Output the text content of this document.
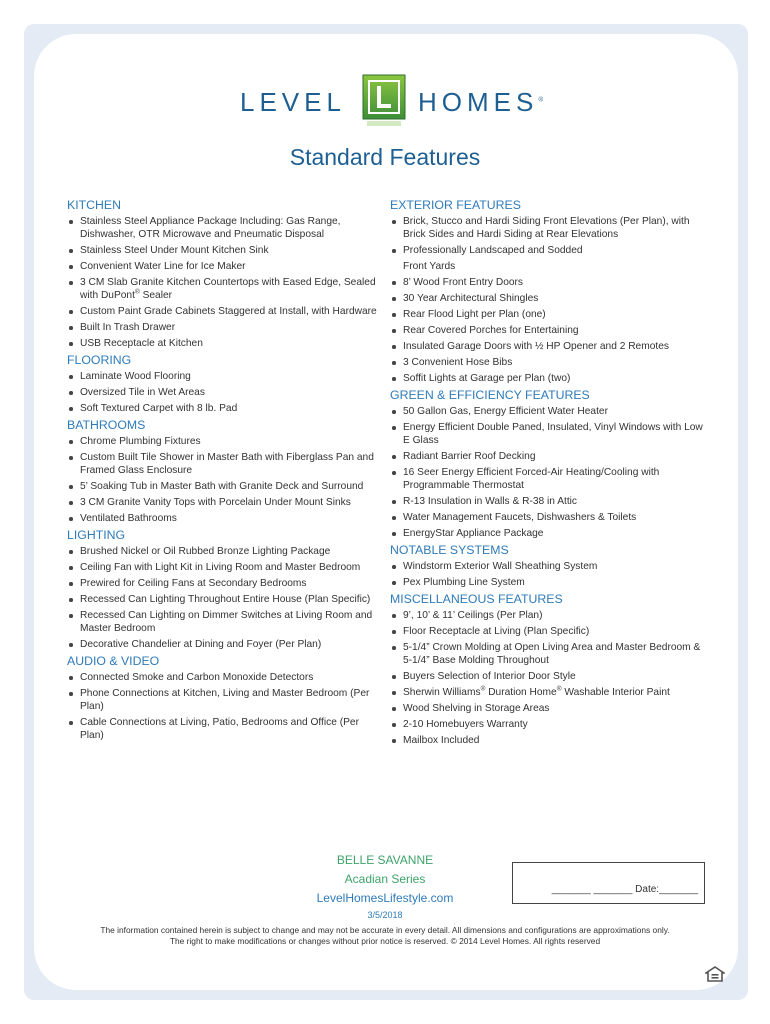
LEVEL	HOMES®
Standard Features
KITCHEN
Stainless Steel Appliance Package Including: Gas Range, Dishwasher, OTR Microwave and Pneumatic Disposal
Stainless Steel Under Mount Kitchen Sink
Convenient Water Line for Ice Maker
3 CM Slab Granite Kitchen Countertops with Eased Edge, Sealed with DuPont® Sealer
Custom Paint Grade Cabinets Staggered at Install, with Hardware
Built In Trash Drawer
USB Receptacle at Kitchen
FLOORING
Laminate Wood Flooring
Oversized Tile in Wet Areas
Soft Textured Carpet with 8 lb. Pad
BATHROOMS
Chrome Plumbing Fixtures
Custom Built Tile Shower in Master Bath with Fiberglass Pan and Framed Glass Enclosure
5’ Soaking Tub in Master Bath with Granite Deck and Surround
3 CM Granite Vanity Tops with Porcelain Under Mount Sinks
Ventilated Bathrooms
LIGHTING
Brushed Nickel or Oil Rubbed Bronze Lighting Package
Ceiling Fan with Light Kit in Living Room and Master Bedroom
Prewired for Ceiling Fans at Secondary Bedrooms
Recessed Can Lighting Throughout Entire House (Plan Specific)
Recessed Can Lighting on Dimmer Switches at Living Room and Master Bedroom
Decorative Chandelier at Dining and Foyer (Per Plan)
AUDIO & VIDEO
Connected Smoke and Carbon Monoxide Detectors
Phone Connections at Kitchen, Living and Master Bedroom (Per Plan)
Cable Connections at Living, Patio, Bedrooms and Office (Per Plan)
EXTERIOR FEATURES
Brick, Stucco and Hardi Siding Front Elevations (Per Plan), with Brick Sides and Hardi Siding at Rear Elevations
Professionally Landscaped and Sodded
Front Yards
8’ Wood Front Entry Doors
30 Year Architectural Shingles
Rear Flood Light per Plan (one)
Rear Covered Porches for Entertaining
Insulated Garage Doors with ½ HP Opener and 2 Remotes
3 Convenient Hose Bibs
Soffit Lights at Garage per Plan (two)
GREEN & EFFICIENCY FEATURES
50 Gallon Gas, Energy Efficient Water Heater
Energy Efficient Double Paned, Insulated, Vinyl Windows with Low E Glass
Radiant Barrier Roof Decking
16 Seer Energy Efficient Forced-Air Heating/Cooling with Programmable Thermostat
R-13 Insulation in Walls & R-38 in Attic
Water Management Faucets, Dishwashers & Toilets
EnergyStar Appliance Package
NOTABLE SYSTEMS
Windstorm Exterior Wall Sheathing System
Pex Plumbing Line System
MISCELLANEOUS FEATURES
9’, 10’ & 11’ Ceilings (Per Plan)
Floor Receptacle at Living (Plan Specific)
5-1/4” Crown Molding at Open Living Area and Master Bedroom & 5-1/4” Base Molding Throughout
Buyers Selection of Interior Door Style
Sherwin Williams® Duration Home® Washable Interior Paint
Wood Shelving in Storage Areas
2-10 Homebuyers Warranty
Mailbox Included
BELLE SAVANNE
Acadian Series
LevelHomesLifestyle.com
3/5/2018
_______ _______ Date:_______
The information contained herein is subject to change and may not be accurate in every detail. All dimensions and configurations are approximations only.
The right to make modifications or changes without prior notice is reserved. © 2014 Level Homes. All rights reserved
